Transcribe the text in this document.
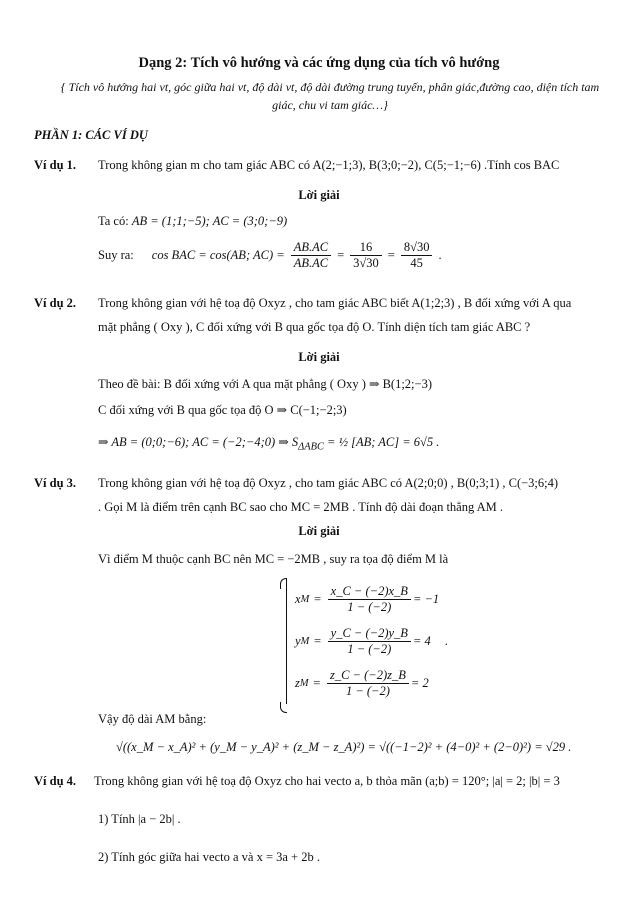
Dạng 2: Tích vô hướng và các ứng dụng của tích vô hướng
{ Tích vô hướng hai vt, góc giữa hai vt, độ dài vt, độ dài đường trung tuyến, phân giác,đường cao, diện tích tam giác, chu vi tam giác…}
PHẦN 1: CÁC VÍ DỤ
Ví dụ 1. Trong không gian m cho tam giác ABC có A(2;−1;3), B(3;0;−2), C(5;−1;−6) .Tính cos BAC
Lời giải
Ta có: AB = (1;1;−5); AC = (3;0;−9)
Suy ra: cos BAC = cos(AB; $AC) = \frac{AB.AC}{AB.AC} = \frac{16}{3√30} = \frac{8√30}{45}$ .
Ví dụ 2. Trong không gian với hệ toạ độ Oxyz , cho tam giác ABC biết A(1;2;3) , B đối xứng với A qua
mặt phẳng ( Oxy ), C đối xứng với B qua gốc tọa độ O. Tính diện tích tam giác ABC ?
Lời giải
Theo đề bài: B đối xứng với A qua mặt phẳng ( Oxy ) ⇒ B(1;2;−3)
C đối xứng với B qua gốc tọa độ O ⇒ C(−1;−2;3)
⇒ AB = (0;0;−6); AC = (−2;−4;0) ⇒ $S_{\Delta ABC}$ = ½ [AB; AC] = 6√5 .
Ví dụ 3. Trong không gian với hệ toạ độ Oxyz , cho tam giác ABC có A(2;0;0) , B(0;3;1) , C(−3;6;4)
. Gọi M là điểm trên cạnh BC sao cho MC = 2MB . Tính độ dài đoạn thẳng AM .
Lời giải
Vì điểm M thuộc cạnh BC nên MC = −2MB , suy ra tọa độ điểm M là
x $M = \frac{x\_C - (-2)x\_B}{1 - (-2)} = -1$
y $M = \frac{y\_C - (-2)y\_B}{1 - (-2)} = 4$ .
z $M = \frac{z\_C - (-2)z\_B}{1 - (-2)} = 2$
Vậy độ dài AM bằng:
√((x_M − x_A)² + (y_M − y_A)² + (z_M − z_A)²) = √((−1−2)² + (4−0)² + (2−0)²) = √29 .
Ví dụ 4. Trong không gian với hệ toạ độ Oxyz cho hai vecto a, b thỏa mãn (a;b) = 120°; |a| = 2; |b| = 3
1) Tính |a − 2b| .
2) Tính góc giữa hai vecto a và x = 3a + 2b .
